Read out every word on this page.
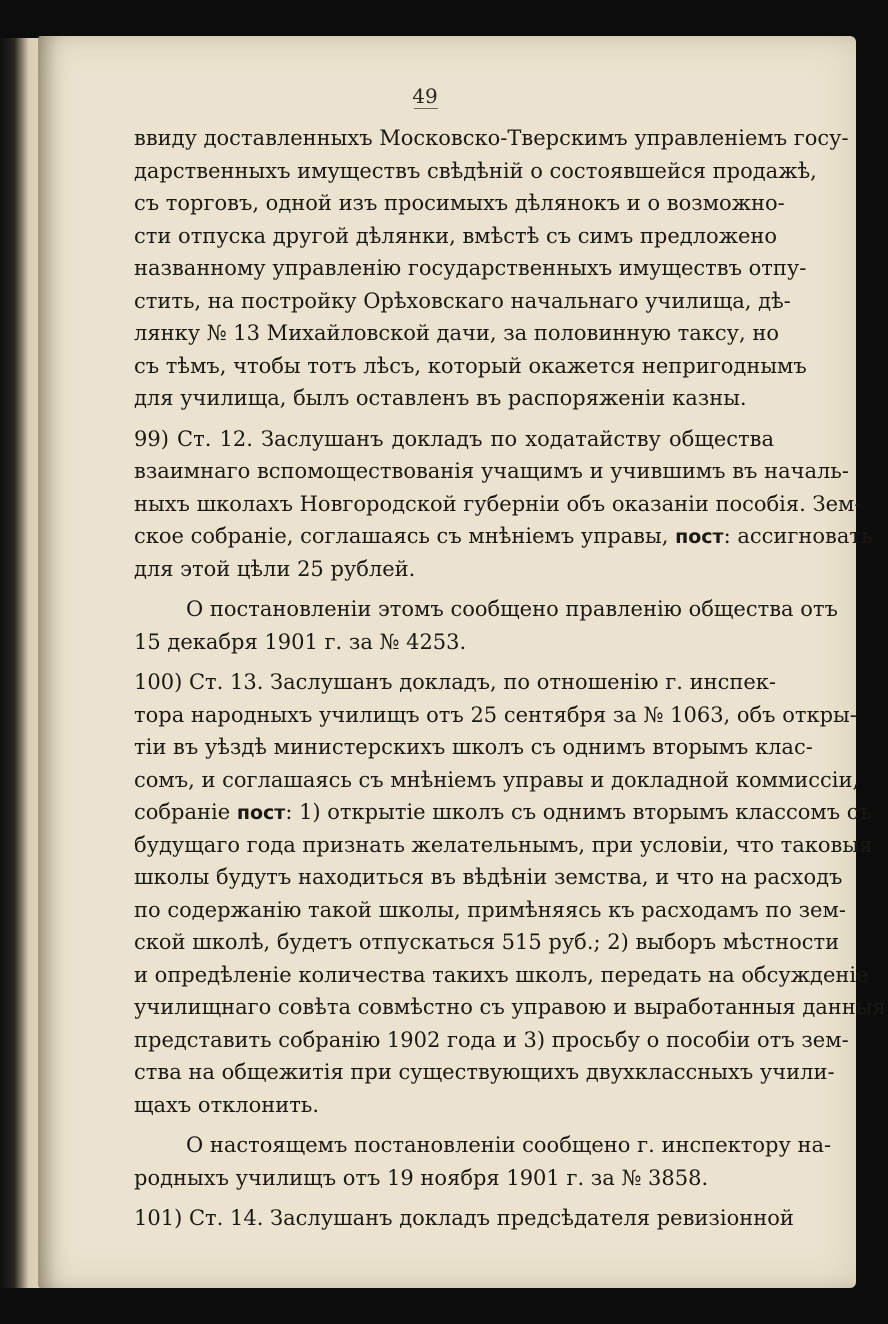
49

ввиду доставленныхъ Московско-Тверскимъ управленіемъ госу-
дарственныхъ имуществъ свѣдѣній о состоявшейся продажѣ,
съ торговъ, одной изъ просимыхъ дѣлянокъ и о возможно-
сти отпуска другой дѣлянки, вмѣстѣ съ симъ предложено
названному управленію государственныхъ имуществъ отпу-
стить, на постройку Орѣховскаго начальнаго училища, дѣ-
лянку № 13 Михайловской дачи, за половинную таксу, но
съ тѣмъ, чтобы тотъ лѣсъ, который окажется непригоднымъ
для училища, былъ оставленъ въ распоряженіи казны.

99) Ст. 12. Заслушанъ докладъ по ходатайству общества
взаимнаго вспомоществованія учащимъ и учившимъ въ началь-
ныхъ школахъ Новгородской губерніи объ оказаніи пособія. Зем-
ское собраніе, соглашаясь съ мнѣніемъ управы, пост: ассигновать
для этой цѣли 25 рублей.

О постановленіи этомъ сообщено правленію общества отъ
15 декабря 1901 г. за № 4253.

100) Ст. 13. Заслушанъ докладъ, по отношенію г. инспек-
тора народныхъ училищъ отъ 25 сентября за № 1063, объ откры-
тіи въ уѣздѣ министерскихъ школъ съ однимъ вторымъ клас-
сомъ, и соглашаясь съ мнѣніемъ управы и докладной коммиссіи,
собраніе пост: 1) открытіе школъ съ однимъ вторымъ классомъ съ
будущаго года признать желательнымъ, при условіи, что таковыя
школы будутъ находиться въ вѣдѣніи земства, и что на расходъ
по содержанію такой школы, примѣняясь къ расходамъ по зем-
ской школѣ, будетъ отпускаться 515 руб.; 2) выборъ мѣстности
и опредѣленіе количества такихъ школъ, передать на обсужденіе
училищнаго совѣта совмѣстно съ управою и выработанныя данныя
представить собранію 1902 года и 3) просьбу о пособіи отъ зем-
ства на общежитія при существующихъ двухклассныхъ учили-
щахъ отклонить.

О настоящемъ постановленіи сообщено г. инспектору на-
родныхъ училищъ отъ 19 ноября 1901 г. за № 3858.

101) Ст. 14. Заслушанъ докладъ предсѣдателя ревизіонной
